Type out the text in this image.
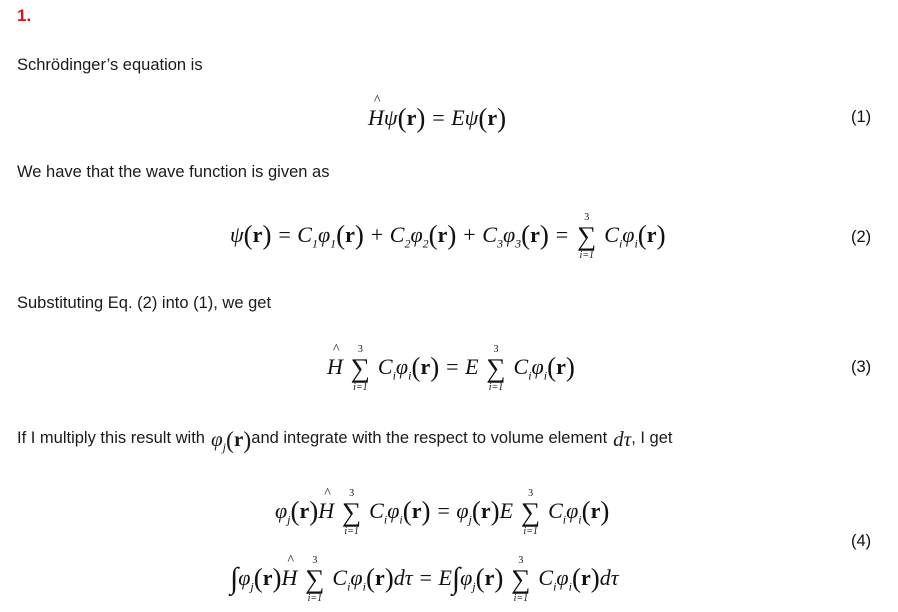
1.
Schrödinger’s equation is
^ Hψ(r) = Eψ(r)	(1)
We have that the wave function is given as
$\psi(r) = C_1\varphi_1(r) + C_2\varphi_2(r) + C_3\varphi_3(r)$ =
3
∑
i=1
$C_i\varphi_i(r)$	(2)
Substituting Eq. (2) into (1), we get
^ H
3
∑
i=1
$C_i\varphi_i(r) = E$
3
∑
i=1
$C_i\varphi_i(r)$	(3)
If I multiply this result with $\varphi_j(r)and$ integrate with the respect to volume elementdτ, I get
$\varphi_j(r)\^{}$ H
3
∑
i=1
$C_i\varphi_i(r) = \varphi_j(r)E$
3
∑
i=1
$C_i\varphi_i(r)$
$\int\varphi_j(r)\^{}$ H
3
∑
i=1
$C_i\varphi_i(r)d\tau = E\int\varphi_j(r)$
3
∑
i=1
$C_i\varphi_i(r)d\tau$
(4)
